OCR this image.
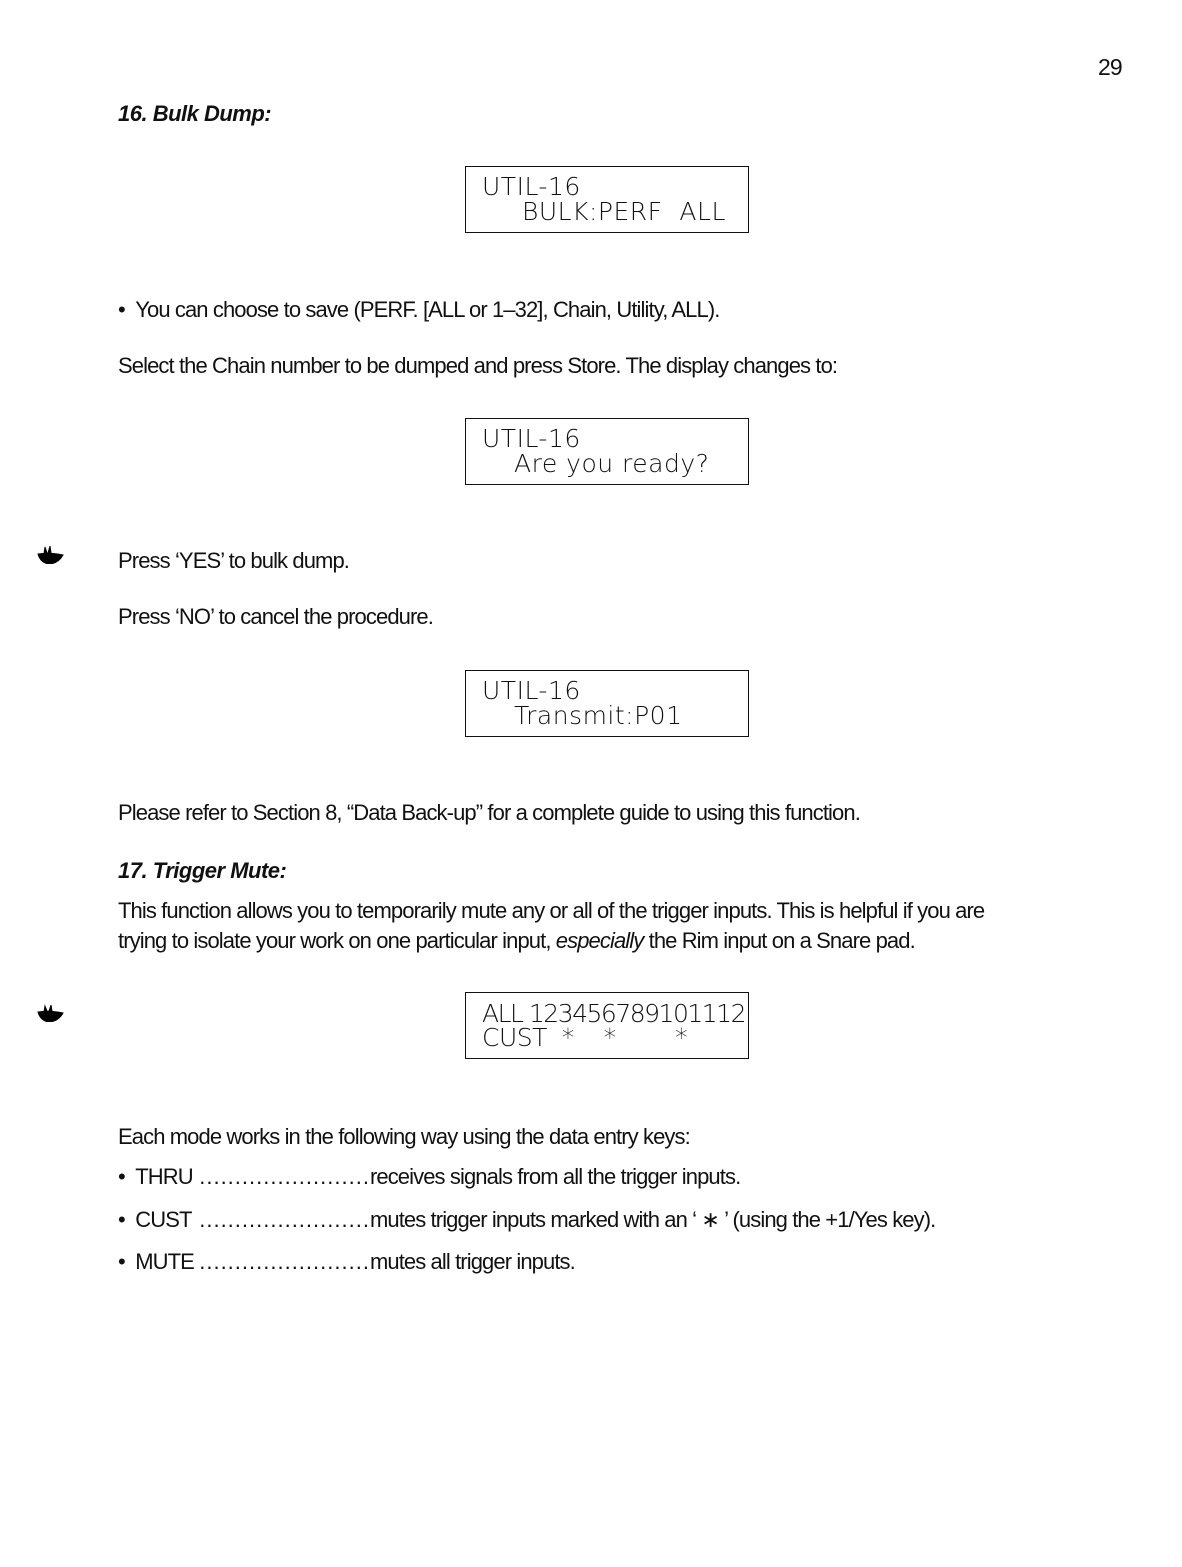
29
16. Bulk Dump:
UTIL-16
BULK:PERF  ALL
•  You can choose to save (PERF. [ALL or 1–32], Chain, Utility, ALL).
Select the Chain number to be dumped and press Store. The display changes to:
UTIL-16
Are you ready?
Press ‘YES’ to bulk dump.
Press ‘NO’ to cancel the procedure.
UTIL-16
Transmit:P01
Please refer to Section 8, “Data Back-up” for a complete guide to using this function.
17. Trigger Mute:
This function allows you to temporarily mute any or all of the trigger inputs. This is helpful if you are
trying to isolate your work on one particular input, especially the Rim input on a Snare pad.
ALL 123456789101112
CUST  *    *        *
Each mode works in the following way using the data entry keys:
•  THRU ........................receives signals from all the trigger inputs.
•  CUST ........................mutes trigger inputs marked with an ‘ ∗ ’ (using the +1/Yes key).
•  MUTE ........................mutes all trigger inputs.
